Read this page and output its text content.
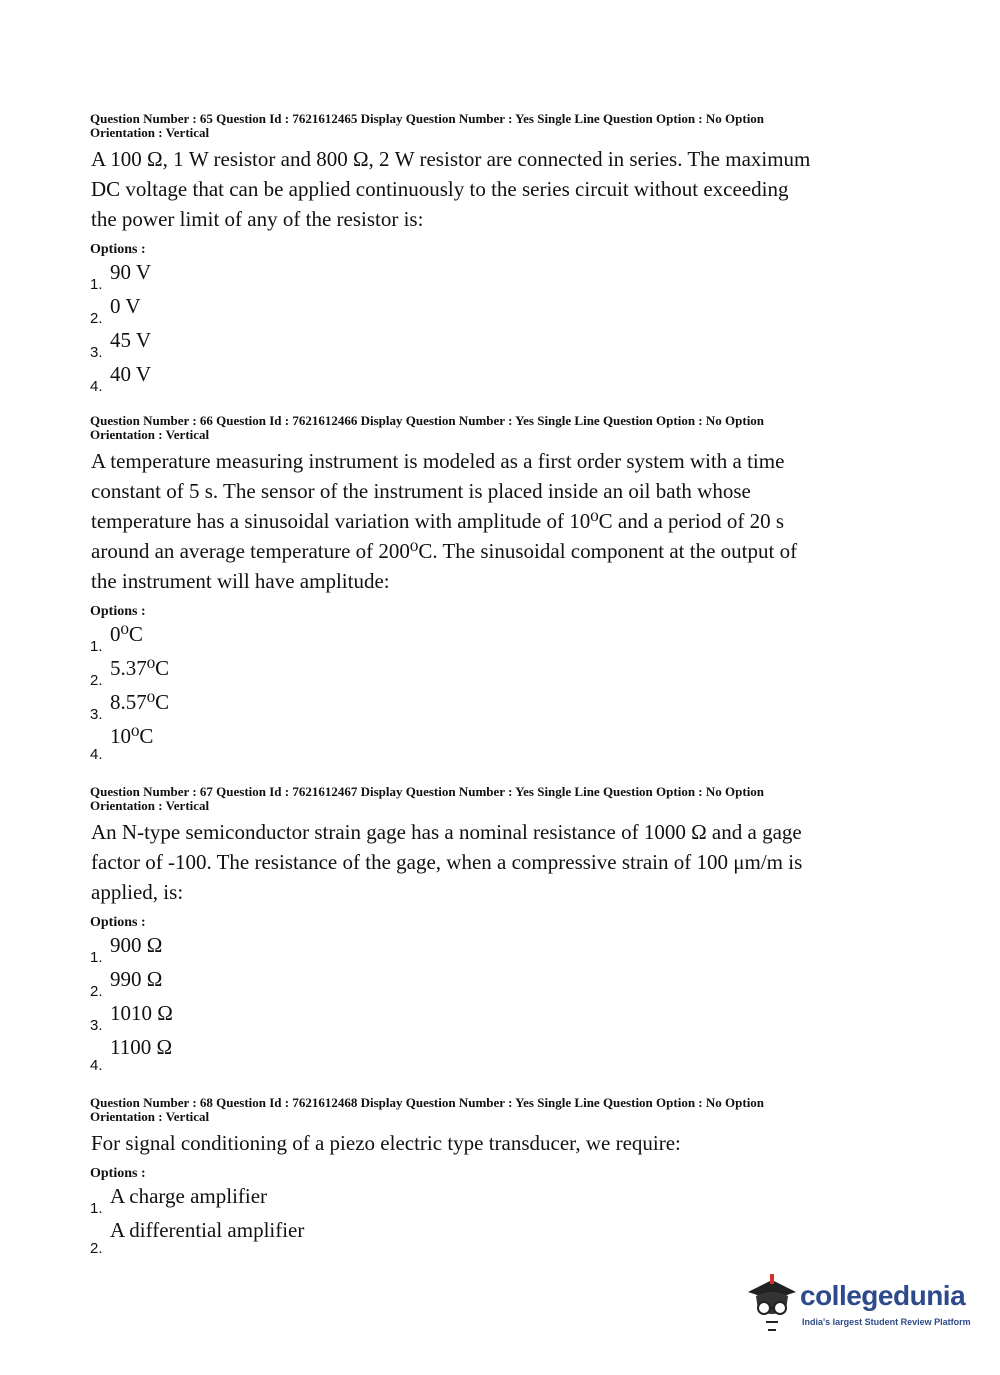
Question Number : 65 Question Id : 7621612465 Display Question Number : Yes Single Line Question Option : No Option
Orientation : Vertical

A 100 Ω, 1 W resistor and 800 Ω, 2 W resistor are connected in series. The maximum
DC voltage that can be applied continuously to the series circuit without exceeding
the power limit of any of the resistor is:
Options :
1.
90 V
2.
0 V
3.
45 V
4.
40 V

Question Number : 66 Question Id : 7621612466 Display Question Number : Yes Single Line Question Option : No Option
Orientation : Vertical

A temperature measuring instrument is modeled as a first order system with a time
constant of 5 s. The sensor of the instrument is placed inside an oil bath whose
temperature has a sinusoidal variation with amplitude of 10⁰C and a period of 20 s
around an average temperature of 200⁰C. The sinusoidal component at the output of
the instrument will have amplitude:
Options :
1.
0⁰C
2.
5.37⁰C
3.
8.57⁰C
4.
10⁰C

Question Number : 67 Question Id : 7621612467 Display Question Number : Yes Single Line Question Option : No Option
Orientation : Vertical

An N-type semiconductor strain gage has a nominal resistance of 1000 Ω and a gage
factor of -100. The resistance of the gage, when a compressive strain of 100 μm/m is
applied, is:
Options :
1.
900 Ω
2.
990 Ω
3.
1010 Ω
4.
1100 Ω

Question Number : 68 Question Id : 7621612468 Display Question Number : Yes Single Line Question Option : No Option
Orientation : Vertical

For signal conditioning of a piezo electric type transducer, we require:
Options :
1.
A charge amplifier
2.
A differential amplifier
collegedunia
India's largest Student Review Platform
